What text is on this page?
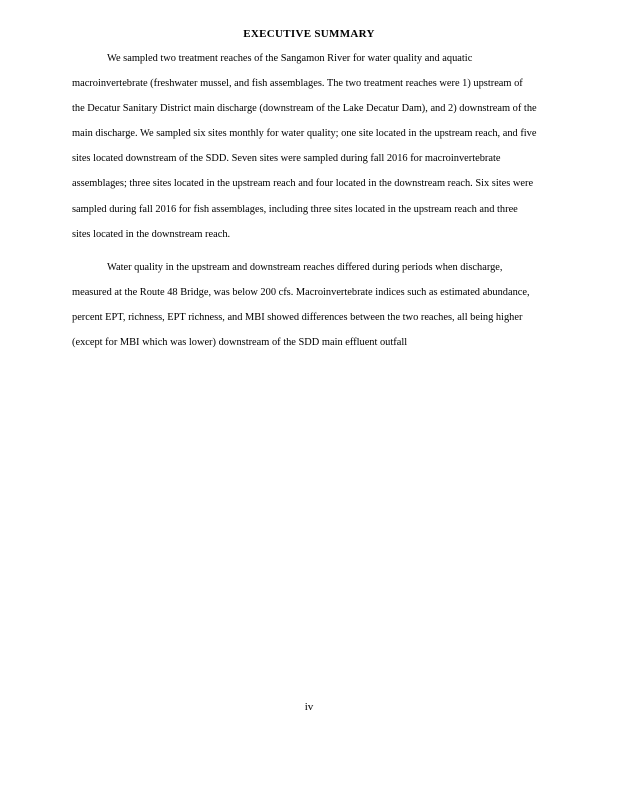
EXECUTIVE SUMMARY

We sampled two treatment reaches of the Sangamon River for water quality and aquatic macroinvertebrate (freshwater mussel, and fish assemblages. The two treatment reaches were 1) upstream of the Decatur Sanitary District main discharge (downstream of the Lake Decatur Dam), and 2) downstream of the main discharge. We sampled six sites monthly for water quality; one site located in the upstream reach, and five sites located downstream of the SDD. Seven sites were sampled during fall 2016 for macroinvertebrate assemblages; three sites located in the upstream reach and four located in the downstream reach. Six sites were sampled during fall 2016 for fish assemblages, including three sites located in the upstream reach and three sites located in the downstream reach.

Water quality in the upstream and downstream reaches differed during periods when discharge, measured at the Route 48 Bridge, was below 200 cfs. Macroinvertebrate indices such as estimated abundance, percent EPT, richness, EPT richness, and MBI showed differences between the two reaches, all being higher (except for MBI which was lower) downstream of the SDD main effluent outfall

iv
